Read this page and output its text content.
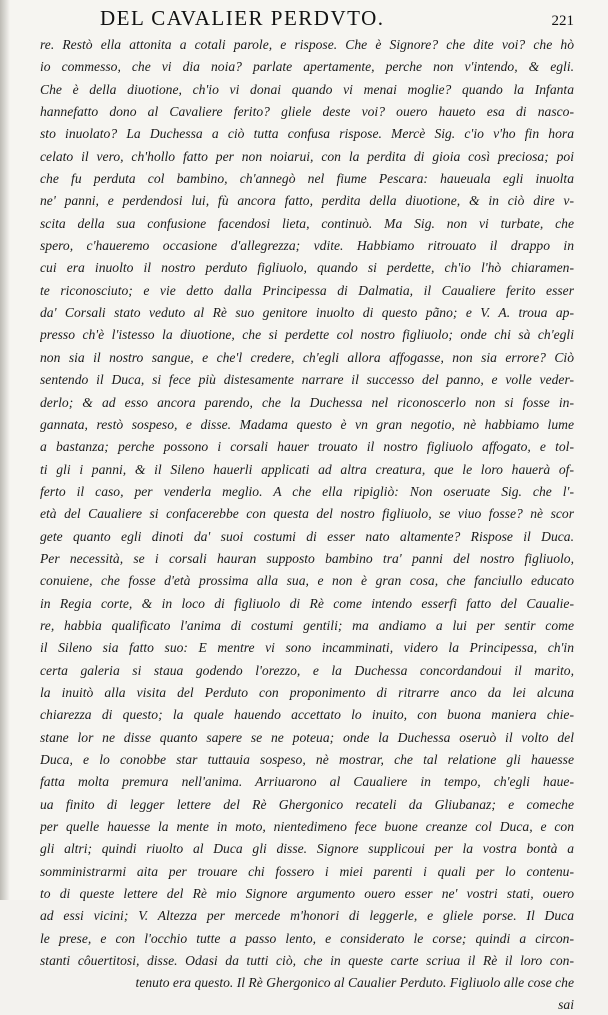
DEL CAVALIER PERDVTO.	221
re. Restò ella attonita a cotali parole, e rispose. Che è Signore? che dite voi? che hò
io commesso, che vi dia noia? parlate apertamente, perche non v'intendo, & egli.
Che è della diuotione, ch'io vi donai quando vi menai moglie? quando la Infanta
hannefatto dono al Cavaliere ferito? gliele deste voi? ouero haueto esa di nasco-
sto inuolato? La Duchessa a ciò tutta confusa rispose. Mercè Sig. c'io v'ho fin hora
celato il vero, ch'hollo fatto per non noiarui, con la perdita di gioia così preciosa; poi
che fu perduta col bambino, ch'annegò nel fiume Pescara: haueuala egli inuolta
ne' panni, e perdendosi lui, fù ancora fatto, perdita della diuotione, & in ciò dire v-
scita della sua confusione facendosi lieta, continuò. Ma Sig. non vi turbate, che
spero, c'haueremo occasione d'allegrezza; vdite. Habbiamo ritrouato il drappo in
cui era inuolto il nostro perduto figliuolo, quando si perdette, ch'io l'hò chiaramen-
te riconosciuto; e vie detto dalla Principessa di Dalmatia, il Caualiere ferito esser
da' Corsali stato veduto al Rè suo genitore inuolto di questo pãno; e V. A. troua ap-
presso ch'è l'istesso la diuotione, che si perdette col nostro figliuolo; onde chi sà ch'egli
non sia il nostro sangue, e che'l credere, ch'egli allora affogasse, non sia errore? Ciò
sentendo il Duca, si fece più distesamente narrare il successo del panno, e volle veder-
derlo; & ad esso ancora parendo, che la Duchessa nel riconoscerlo non si fosse in-
gannata, restò sospeso, e disse. Madama questo è vn gran negotio, nè habbiamo lume
a bastanza; perche possono i corsali hauer trouato il nostro figliuolo affogato, e tol-
ti gli i panni, & il Sileno hauerli applicati ad altra creatura, que le loro hauerà of-
ferto il caso, per venderla meglio. A che ella ripigliò: Non oseruate Sig. che l'-
età del Caualiere si confacerebbe con questa del nostro figliuolo, se viuo fosse? nè scor
gete quanto egli dinoti da' suoi costumi di esser nato altamente? Rispose il Duca.
Per necessità, se i corsali hauran supposto bambino tra' panni del nostro figliuolo,
conuiene, che fosse d'età prossima alla sua, e non è gran cosa, che fanciullo educato
in Regia corte, & in loco di figliuolo di Rè come intendo esserfi fatto del Caualie-
re, habbia qualificato l'anima di costumi gentili; ma andiamo a lui per sentir come
il Sileno sia fatto suo: E mentre vi sono incamminati, videro la Principessa, ch'in
certa galeria si staua godendo l'orezzo, e la Duchessa concordandoui il marito,
la inuitò alla visita del Perduto con proponimento di ritrarre anco da lei alcuna
chiarezza di questo; la quale hauendo accettato lo inuito, con buona maniera chie-
stane lor ne disse quanto sapere se ne poteua; onde la Duchessa oseruò il volto del
Duca, e lo conobbe star tuttauia sospeso, nè mostrar, che tal relatione gli hauesse
fatta molta premura nell'anima. Arriuarono al Caualiere in tempo, ch'egli haue-
ua finito di legger lettere del Rè Ghergonico recateli da Gliubanaz; e comeche
per quelle hauesse la mente in moto, nientedimeno fece buone creanze col Duca, e con
gli altri; quindi riuolto al Duca gli disse. Signore supplicoui per la vostra bontà a
somministrarmi aita per trouare chi fossero i miei parenti i quali per lo contenu-
to di queste lettere del Rè mio Signore argumento ouero esser ne' vostri stati, ouero
ad essi vicini; V. Altezza per mercede m'honori di leggerle, e gliele porse. Il Duca
le prese, e con l'occhio tutte a passo lento, e considerato le corse; quindi a circon-
stanti côuertitosi, disse. Odasi da tutti ciò, che in queste carte scriua il Rè il loro con-
tenuto era questo. Il Rè Ghergonico al Caualier Perduto. Figliuolo alle cose che
sai
